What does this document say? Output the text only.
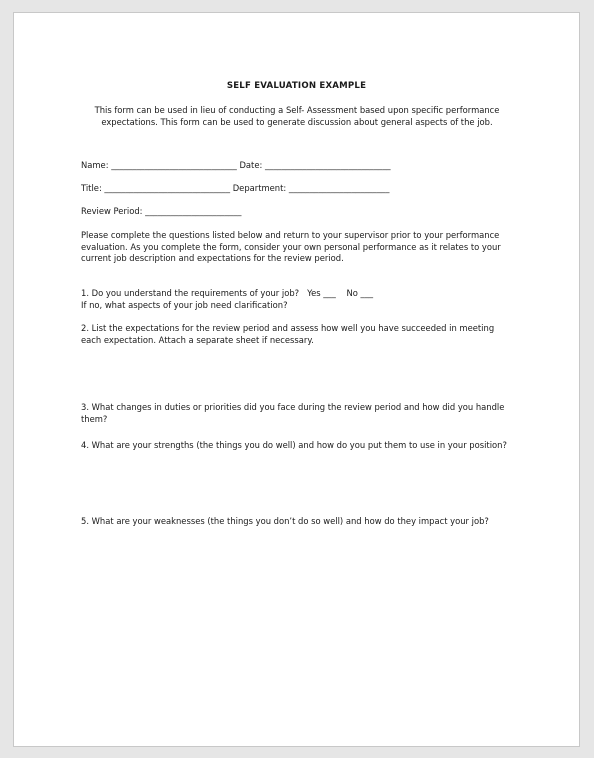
SELF EVALUATION EXAMPLE
This form can be used in lieu of conducting a Self- Assessment based upon specific performance expectations. This form can be used to generate discussion about general aspects of the job.
Name: ______________________________ Date: ______________________________
Title: ______________________________ Department: ________________________
Review Period: _______________________
Please complete the questions listed below and return to your supervisor prior to your performance evaluation. As you complete the form, consider your own personal performance as it relates to your current job description and expectations for the review period.
1. Do you understand the requirements of your job?   Yes ___    No ___
If no, what aspects of your job need clarification?
2. List the expectations for the review period and assess how well you have succeeded in meeting
each expectation. Attach a separate sheet if necessary.
3. What changes in duties or priorities did you face during the review period and how did you handle them?
4. What are your strengths (the things you do well) and how do you put them to use in your position?
5. What are your weaknesses (the things you don’t do so well) and how do they impact your job?
